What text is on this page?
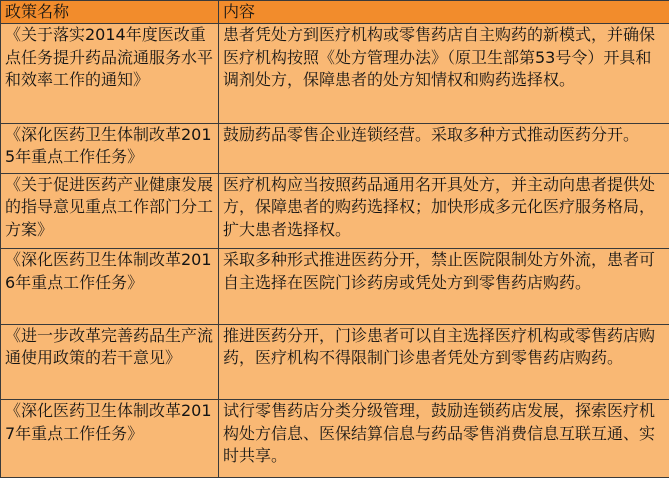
政策名称	内容
《关于落实2014年度医改重点任务提升药品流通服务水平和效率工作的通知》	患者凭处方到医疗机构或零售药店自主购药的新模式，并确保医疗机构按照《处方管理办法》（原卫生部第53号令）开具和调剂处方，保障患者的处方知情权和购药选择权。
《深化医药卫生体制改革2015年重点工作任务》	鼓励药品零售企业连锁经营。采取多种方式推动医药分开。
《关于促进医药产业健康发展的指导意见重点工作部门分工方案》	医疗机构应当按照药品通用名开具处方，并主动向患者提供处方，保障患者的购药选择权；加快形成多元化医疗服务格局，扩大患者选择权。
《深化医药卫生体制改革2016年重点工作任务》	采取多种形式推进医药分开，禁止医院限制处方外流，患者可自主选择在医院门诊药房或凭处方到零售药店购药。
《进一步改革完善药品生产流通使用政策的若干意见》	推进医药分开，门诊患者可以自主选择医疗机构或零售药店购药，医疗机构不得限制门诊患者凭处方到零售药店购药。
《深化医药卫生体制改革2017年重点工作任务》	试行零售药店分类分级管理，鼓励连锁药店发展，探索医疗机构处方信息、医保结算信息与药品零售消费信息互联互通、实时共享。
